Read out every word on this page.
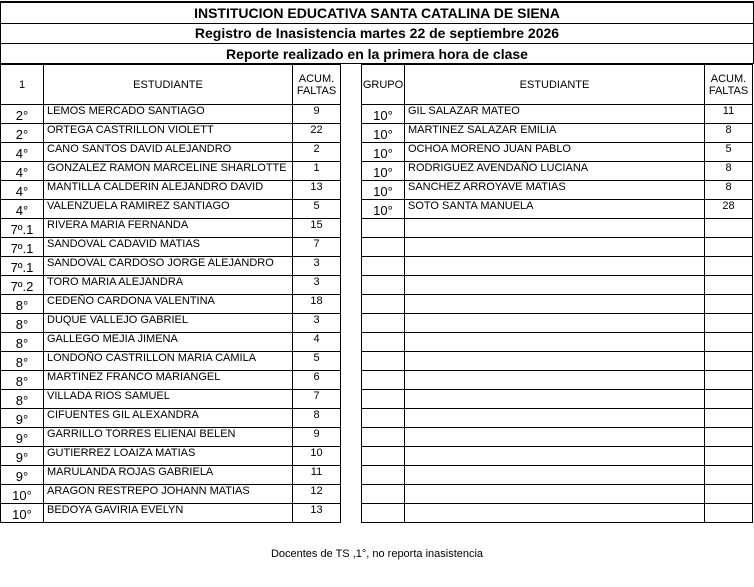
INSTITUCION EDUCATIVA SANTA CATALINA DE SIENA
Registro de Inasistencia martes 22 de septiembre 2026
Reporte realizado en la primera hora de clase
1	ESTUDIANTE	ACUM.
FALTAS
2°	LEMOS MERCADO SANTIAGO	9
2°	ORTEGA CASTRILLON VIOLETT	22
4°	CANO SANTOS DAVID ALEJANDRO	2
4°	GONZALEZ RAMON MARCELINE SHARLOTTE	1
4°	MANTILLA CALDERIN ALEJANDRO DAVID	13
4°	VALENZUELA RAMIREZ SANTIAGO	5
7º.1	RIVERA MARIA FERNANDA	15
7º.1	SANDOVAL CADAVID MATIAS	7
7º.1	SANDOVAL CARDOSO JORGE ALEJANDRO	3
7º.2	TORO MARIA ALEJANDRA	3
8°	CEDEÑO CARDONA VALENTINA	18
8°	DUQUE VALLEJO GABRIEL	3
8°	GALLEGO MEJIA JIMENA	4
8°	LONDOÑO CASTRILLON MARIA CAMILA	5
8°	MARTINEZ FRANCO MARIANGEL	6
8°	VILLADA RIOS SAMUEL	7
9°	CIFUENTES GIL ALEXANDRA	8
9°	GARRILLO TORRES ELIENAI BELEN	9
9°	GUTIERREZ LOAIZA MATIAS	10
9°	MARULANDA ROJAS GABRIELA	11
10°	ARAGON RESTREPO JOHANN MATIAS	12
10°	BEDOYA GAVIRIA EVELYN	13
GRUPO	ESTUDIANTE	ACUM.
FALTAS
10°	GIL SALAZAR MATEO	11
10°	MARTINEZ SALAZAR EMILIA	8
10°	OCHOA MORENO JUAN PABLO	5
10°	RODRIGUEZ AVENDAÑO LUCIANA	8
10°	SANCHEZ ARROYAVE MATIAS	8
10°	SOTO SANTA MANUELA	28

Docentes de TS ,1°, no reporta inasistencia
